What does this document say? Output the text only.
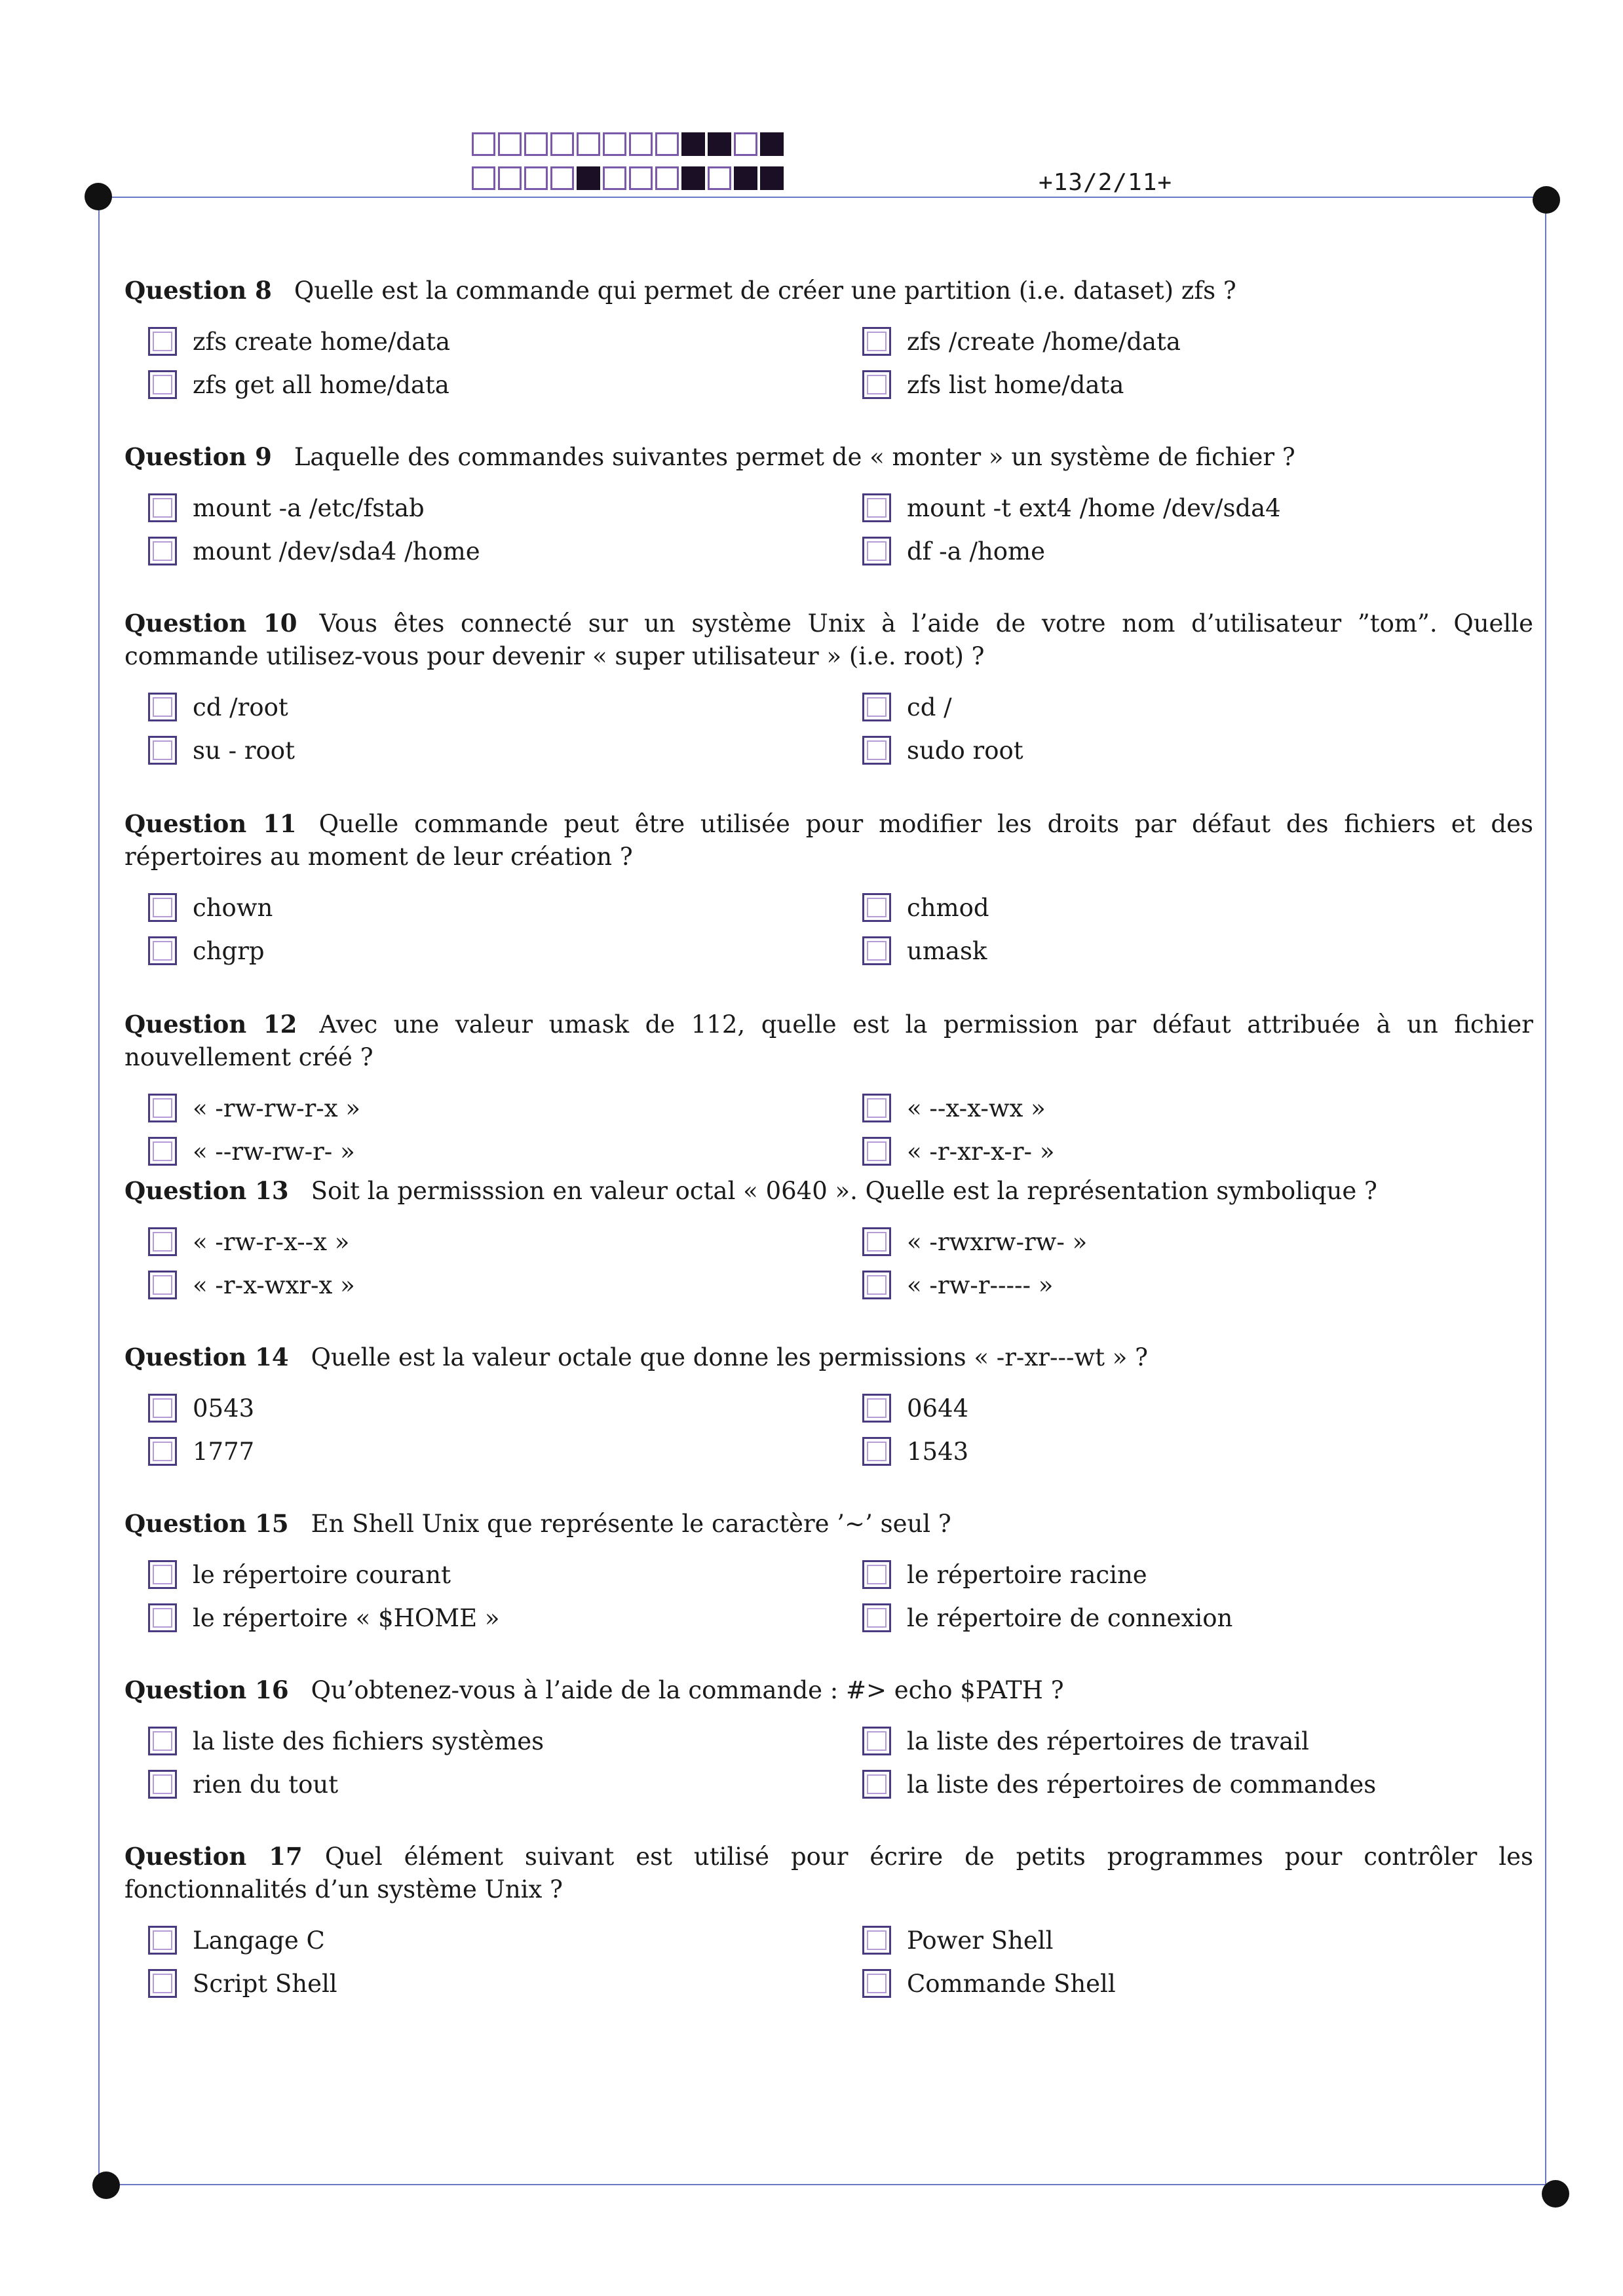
+13/2/11+
Question 8 Quelle est la commande qui permet de créer une partition (i.e. dataset) zfs ?
zfs create home/data	zfs /create /home/data
zfs get all home/data	zfs list home/data
Question 9 Laquelle des commandes suivantes permet de « monter » un système de fichier ?
mount -a /etc/fstab	mount -t ext4 /home /dev/sda4
mount /dev/sda4 /home	df -a /home
Question 10 Vous êtes connecté sur un système Unix à l’aide de votre nom d’utilisateur ”tom”. Quelle commande utilisez-vous pour devenir « super utilisateur » (i.e. root) ?
cd /root	cd /
su - root	sudo root
Question 11 Quelle commande peut être utilisée pour modifier les droits par défaut des fichiers et des répertoires au moment de leur création ?
chown	chmod
chgrp	umask
Question 12 Avec une valeur umask de 112, quelle est la permission par défaut attribuée à un fichier nouvellement créé ?
« -rw-rw-r-x »	« --x-x-wx »
« --rw-rw-r- »	« -r-xr-x-r- »
Question 13 Soit la permisssion en valeur octal « 0640 ». Quelle est la représentation symbolique ?
« -rw-r-x--x »	« -rwxrw-rw- »
« -r-x-wxr-x »	« -rw-r----- »
Question 14 Quelle est la valeur octale que donne les permissions « -r-xr---wt » ?
0543	0644
1777	1543
Question 15 En Shell Unix que représente le caractère ’∼’ seul ?
le répertoire courant	le répertoire racine
le répertoire « $HOME »	le répertoire de connexion
Question 16 Qu’obtenez-vous à l’aide de la commande : #> echo $PATH ?
la liste des fichiers systèmes	la liste des répertoires de travail
rien du tout	la liste des répertoires de commandes
Question 17 Quel élément suivant est utilisé pour écrire de petits programmes pour contrôler les fonctionnalités d’un système Unix ?
Langage C	Power Shell
Script Shell	Commande Shell
